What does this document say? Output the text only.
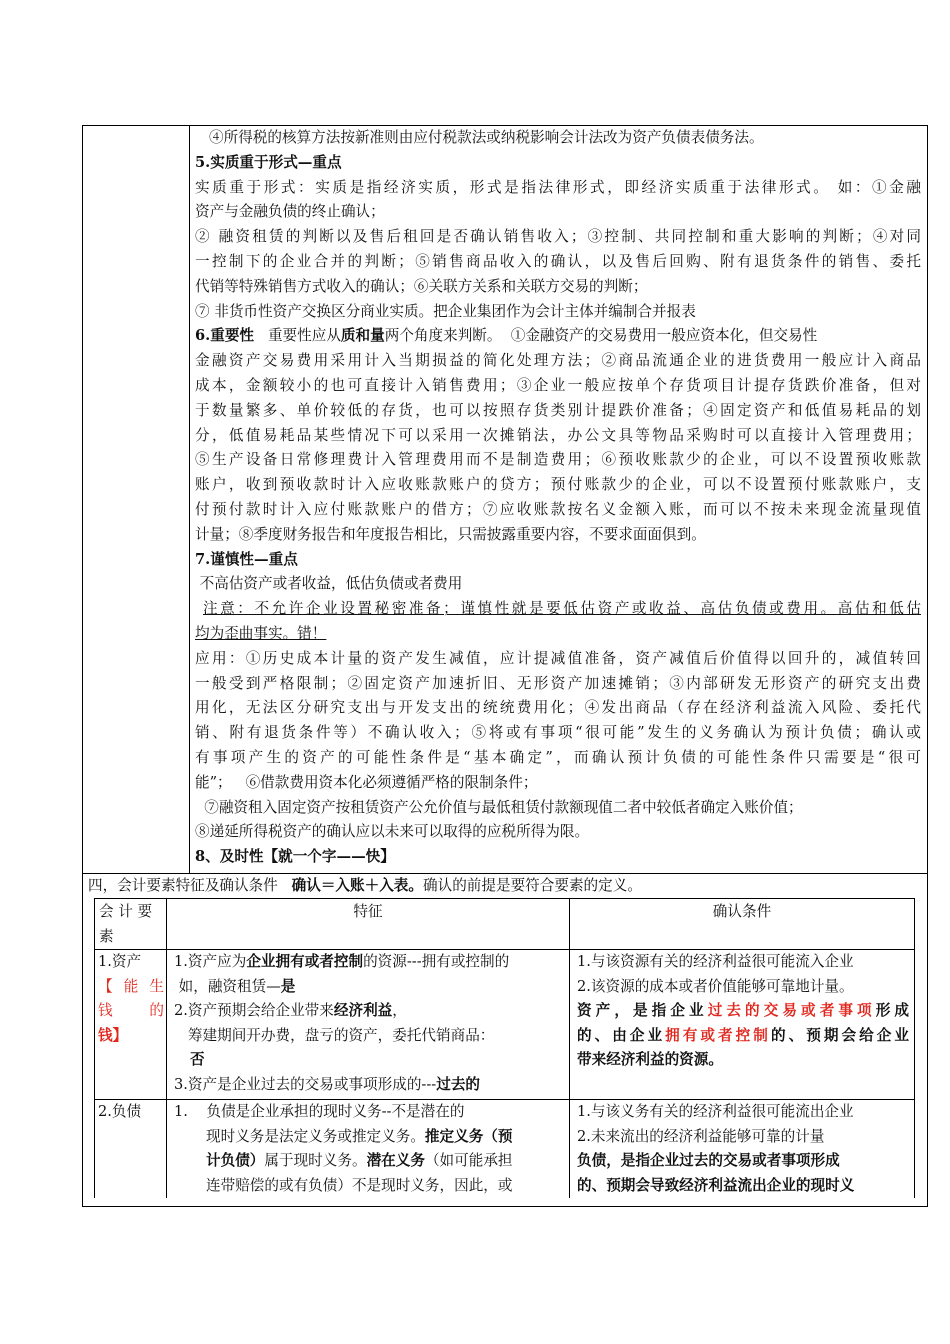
④所得税的核算方法按新准则由应付税款法或纳税影响会计法改为资产负债表债务法。
5.实质重于形式—重点
实质重于形式：实质是指经济实质，形式是指法律形式，即经济实质重于法律形式。 如：①金融
资产与金融负债的终止确认；
② 融资租赁的判断以及售后租回是否确认销售收入；③控制、共同控制和重大影响的判断；④对同
一控制下的企业合并的判断；⑤销售商品收入的确认，以及售后回购、附有退货条件的销售、委托
代销等特殊销售方式收入的确认；⑥关联方关系和关联方交易的判断；
⑦ 非货币性资产交换区分商业实质。把企业集团作为会计主体并编制合并报表
6.重要性   重要性应从质和量两个角度来判断。  ①金融资产的交易费用一般应资本化，但交易性
金融资产交易费用采用计入当期损益的简化处理方法；②商品流通企业的进货费用一般应计入商品
成本，金额较小的也可直接计入销售费用；③企业一般应按单个存货项目计提存货跌价准备，但对
于数量繁多、单价较低的存货，也可以按照存货类别计提跌价准备；④固定资产和低值易耗品的划
分，低值易耗品某些情况下可以采用一次摊销法，办公文具等物品采购时可以直接计入管理费用；
⑤生产设备日常修理费计入管理费用而不是制造费用；⑥预收账款少的企业，可以不设置预收账款
账户，收到预收款时计入应收账款账户的贷方；预付账款少的企业，可以不设置预付账款账户，支
付预付款时计入应付账款账户的借方；⑦应收账款按名义金额入账，而可以不按未来现金流量现值
计量；⑧季度财务报告和年度报告相比，只需披露重要内容，不要求面面俱到。
7.谨慎性—重点
不高估资产或者收益，低估负债或者费用
注意：不允许企业设置秘密准备；谨慎性就是要低估资产或收益、高估负债或费用。高估和低估
均为歪曲事实。错！
应用：①历史成本计量的资产发生减值，应计提减值准备，资产减值后价值得以回升的，减值转回
一般受到严格限制；②固定资产加速折旧、无形资产加速摊销；③内部研发无形资产的研究支出费
用化，无法区分研究支出与开发支出的统统费用化；④发出商品（存在经济利益流入风险、委托代
销、附有退货条件等）不确认收入；⑤将或有事项“很可能”发生的义务确认为预计负债；确认或
有事项产生的资产的可能性条件是“基本确定”，而确认预计负债的可能性条件只需要是“很可
能”；   ⑥借款费用资本化必须遵循严格的限制条件；
⑦融资租入固定资产按租赁资产公允价值与最低租赁付款额现值二者中较低者确定入账价值；
⑧递延所得税资产的确认应以未来可以取得的应税所得为限。
8、及时性【就一个字——快】
四，会计要素特征及确认条件   确认＝入账＋入表。确认的前提是要符合要素的定义。
会 计 要
素
特征	确认条件
1.资产
【 能 生
钱 的
钱】
1.资产应为企业拥有或者控制的资源---拥有或控制的
如，融资租赁—是
2.资产预期会给企业带来经济利益，
筹建期间开办费，盘亏的资产，委托代销商品：
否
3.资产是企业过去的交易或事项形成的---过去的
1.与该资源有关的经济利益很可能流入企业
2.该资源的成本或者价值能够可靠地计量。
资产，是指企业过去的交易或者事项形成
的、由企业拥有或者控制的、预期会给企业
带来经济利益的资源。
2.负债	1.    负债是企业承担的现时义务--不是潜在的
现时义务是法定义务或推定义务。推定义务（预
计负债）属于现时义务。潜在义务（如可能承担
连带赔偿的或有负债）不是现时义务，因此，或
1.与该义务有关的经济利益很可能流出企业
2.未来流出的经济利益能够可靠的计量
负债，是指企业过去的交易或者事项形成
的、预期会导致经济利益流出企业的现时义
